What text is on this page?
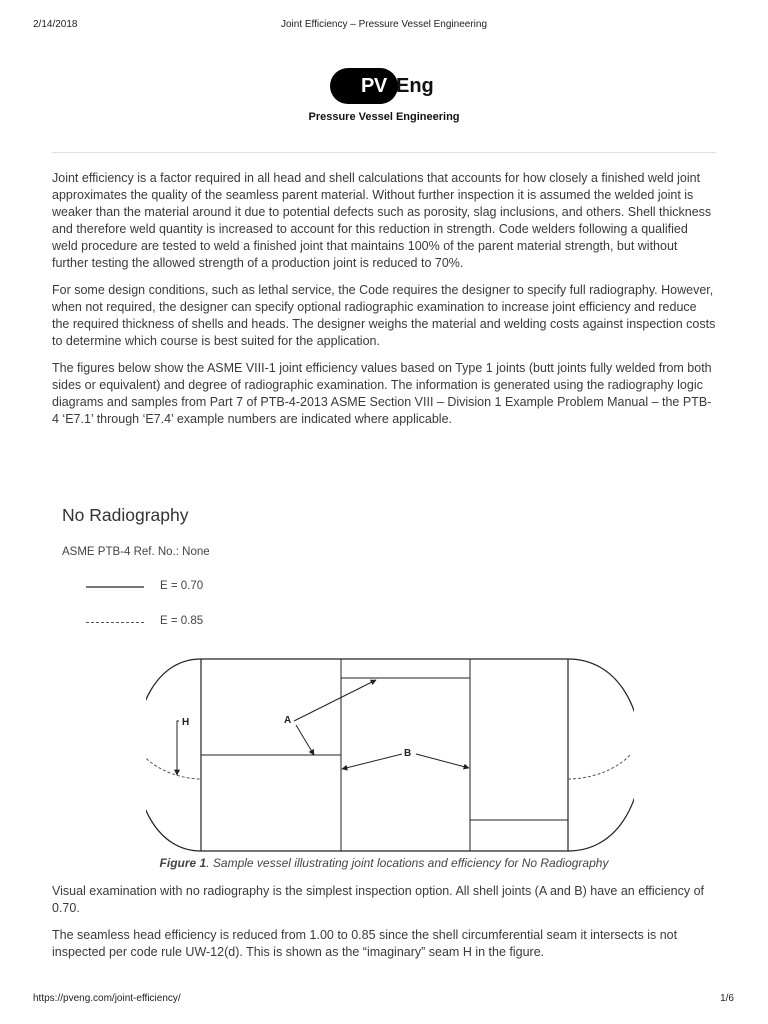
2/14/2018	Joint Efficiency – Pressure Vessel Engineering
PV Eng
Pressure Vessel Engineering

Joint efficiency is a factor required in all head and shell calculations that accounts for how closely a finished weld joint approximates the quality of the seamless parent material. Without further inspection it is assumed the welded joint is weaker than the material around it due to potential defects such as porosity, slag inclusions, and others. Shell thickness and therefore weld quantity is increased to account for this reduction in strength. Code welders following a qualified weld procedure are tested to weld a finished joint that maintains 100% of the parent material strength, but without further testing the allowed strength of a production joint is reduced to 70%.

For some design conditions, such as lethal service, the Code requires the designer to specify full radiography. However, when not required, the designer can specify optional radiographic examination to increase joint efficiency and reduce the required thickness of shells and heads. The designer weighs the material and welding costs against inspection costs to determine which course is best suited for the application.

The figures below show the ASME VIII-1 joint efficiency values based on Type 1 joints (butt joints fully welded from both sides or equivalent) and degree of radiographic examination. The information is generated using the radiography logic diagrams and samples from Part 7 of PTB-4-2013 ASME Section VIII – Division 1 Example Problem Manual – the PTB-4 ‘E7.1’ through ‘E7.4’ example numbers are indicated where applicable.

No Radiography
ASME PTB-4 Ref. No.: None
E = 0.70
E = 0.85
H	A
B
Figure 1. Sample vessel illustrating joint locations and efficiency for No Radiography

Visual examination with no radiography is the simplest inspection option. All shell joints (A and B) have an efficiency of 0.70.

The seamless head efficiency is reduced from 1.00 to 0.85 since the shell circumferential seam it intersects is not inspected per code rule UW-12(d). This is shown as the “imaginary” seam H in the figure.

https://pveng.com/joint-efficiency/	1/6
